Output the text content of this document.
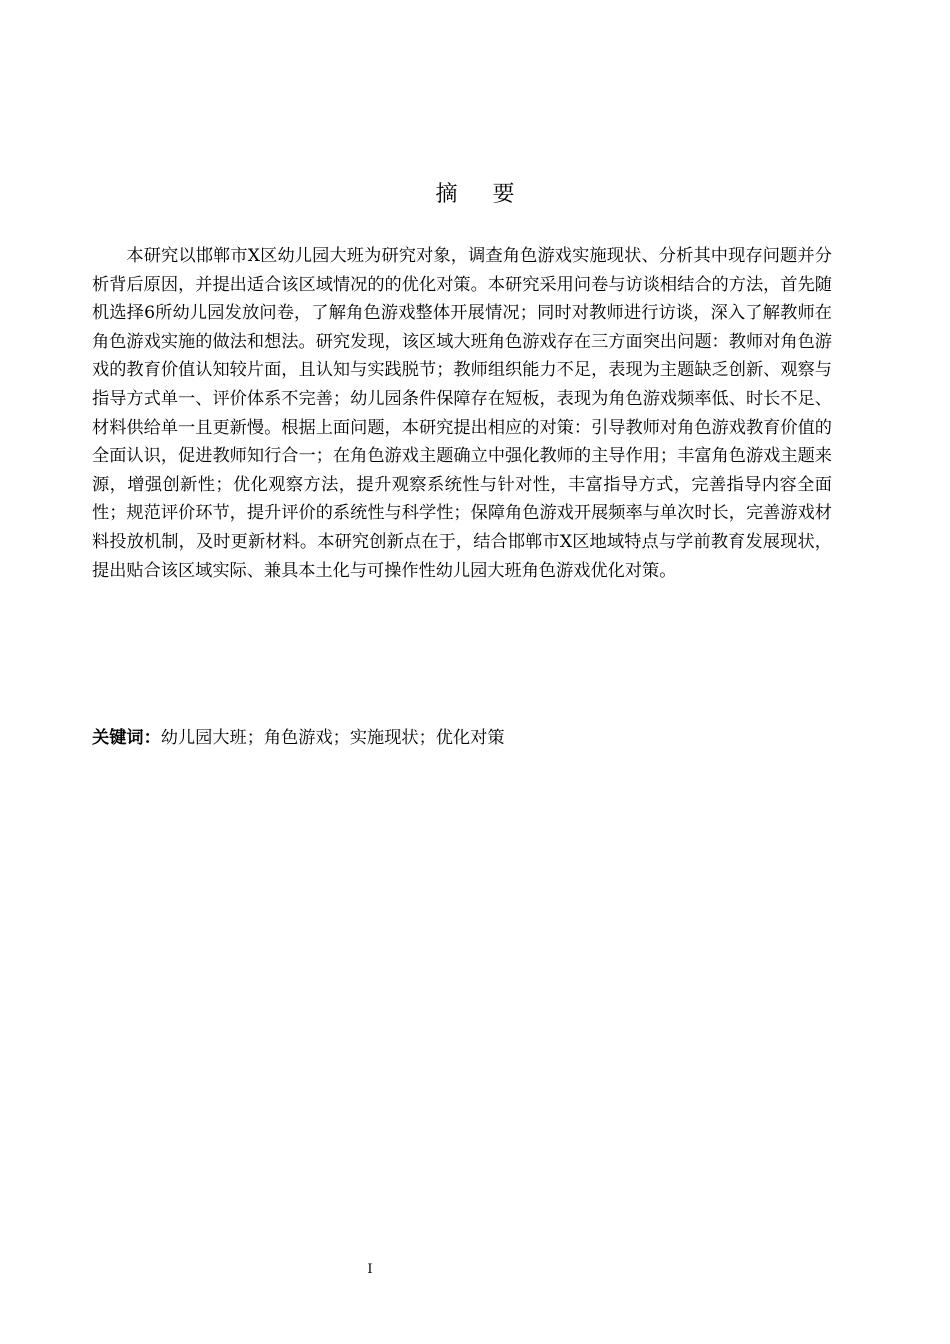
摘 要

本研究以邯郸市X区幼儿园大班为研究对象，调查角色游戏实施现状、分析其中现存问题并分析背后原因，并提出适合该区域情况的的优化对策。本研究采用问卷与访谈相结合的方法，首先随机选择6所幼儿园发放问卷，了解角色游戏整体开展情况；同时对教师进行访谈，深入了解教师在角色游戏实施的做法和想法。研究发现，该区域大班角色游戏存在三方面突出问题：教师对角色游戏的教育价值认知较片面，且认知与实践脱节；教师组织能力不足，表现为主题缺乏创新、观察与指导方式单一、评价体系不完善；幼儿园条件保障存在短板，表现为角色游戏频率低、时长不足、材料供给单一且更新慢。根据上面问题，本研究提出相应的对策：引导教师对角色游戏教育价值的全面认识，促进教师知行合一；在角色游戏主题确立中强化教师的主导作用；丰富角色游戏主题来源，增强创新性；优化观察方法，提升观察系统性与针对性，丰富指导方式，完善指导内容全面性；规范评价环节，提升评价的系统性与科学性；保障角色游戏开展频率与单次时长，完善游戏材料投放机制，及时更新材料。本研究创新点在于，结合邯郸市X区地域特点与学前教育发展现状，提出贴合该区域实际、兼具本土化与可操作性幼儿园大班角色游戏优化对策。

关键词：幼儿园大班；角色游戏；实施现状；优化对策
I
